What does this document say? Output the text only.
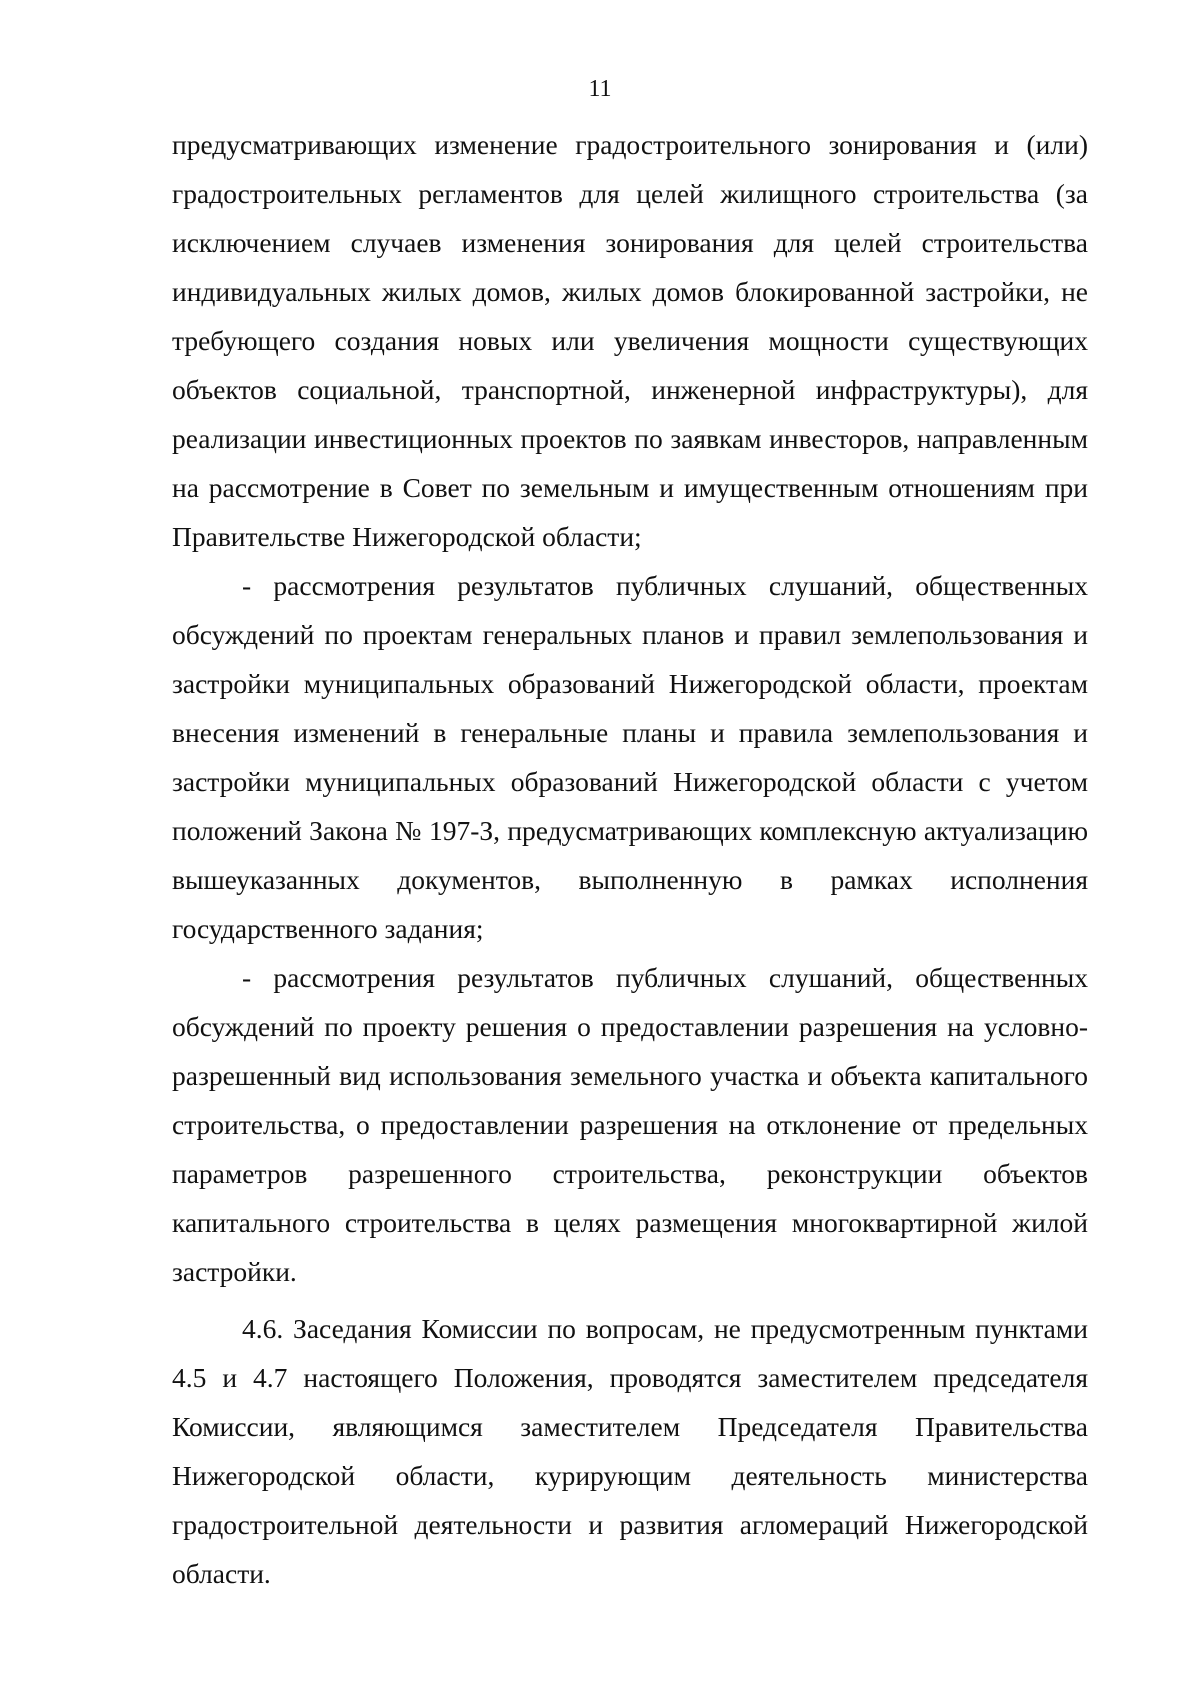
11

предусматривающих изменение градостроительного зонирования и (или) градостроительных регламентов для целей жилищного строительства (за исключением случаев изменения зонирования для целей строительства индивидуальных жилых домов, жилых домов блокированной застройки, не требующего создания новых или увеличения мощности существующих объектов социальной, транспортной, инженерной инфраструктуры), для реализации инвестиционных проектов по заявкам инвесторов, направленным на рассмотрение в Совет по земельным и имущественным отношениям при Правительстве Нижегородской области;

- рассмотрения результатов публичных слушаний, общественных обсуждений по проектам генеральных планов и правил землепользования и застройки муниципальных образований Нижегородской области, проектам внесения изменений в генеральные планы и правила землепользования и застройки муниципальных образований Нижегородской области с учетом положений Закона № 197-З, предусматривающих комплексную актуализацию вышеуказанных документов, выполненную в рамках исполнения государственного задания;

- рассмотрения результатов публичных слушаний, общественных обсуждений по проекту решения о предоставлении разрешения на условно-разрешенный вид использования земельного участка и объекта капитального строительства, о предоставлении разрешения на отклонение от предельных параметров разрешенного строительства, реконструкции объектов капитального строительства в целях размещения многоквартирной жилой застройки.

4.6. Заседания Комиссии по вопросам, не предусмотренным пунктами 4.5 и 4.7 настоящего Положения, проводятся заместителем председателя Комиссии, являющимся заместителем Председателя Правительства Нижегородской области, курирующим деятельность министерства градостроительной деятельности и развития агломераций Нижегородской области.
